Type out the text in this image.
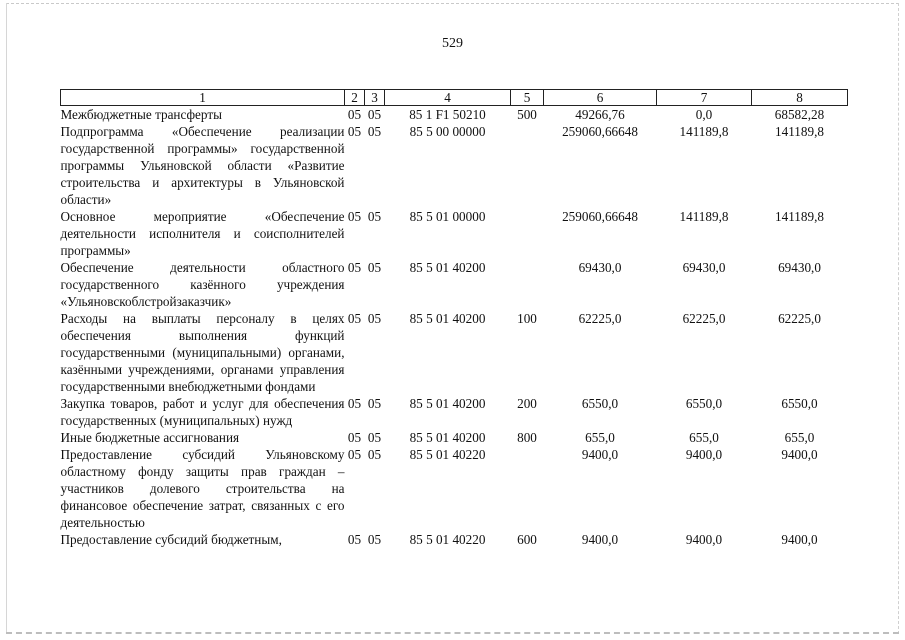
529
1	2	3	4	5	6	7	8
Межбюджетные трансферты	05	05	85 1 F1 50210	500	49266,76	0,0	68582,28
Подпрограмма «Обеспечение реализации государственной программы» государственной программы Ульяновской области «Развитие строительства и архитектуры в Ульяновской области»	05	05	85 5 00 00000		259060,66648	141189,8	141189,8
Основное мероприятие «Обеспечение деятельности исполнителя и соисполнителей программы»	05	05	85 5 01 00000		259060,66648	141189,8	141189,8
Обеспечение деятельности областного государственного казённого учреждения «Ульяновскоблстройзаказчик»	05	05	85 5 01 40200		69430,0	69430,0	69430,0
Расходы на выплаты персоналу в целях обеспечения выполнения функций государственными (муниципальными) органами, казёнными учреждениями, органами управления государственными внебюджетными фондами	05	05	85 5 01 40200	100	62225,0	62225,0	62225,0
Закупка товаров, работ и услуг для обеспечения государственных (муниципальных) нужд	05	05	85 5 01 40200	200	6550,0	6550,0	6550,0
Иные бюджетные ассигнования	05	05	85 5 01 40200	800	655,0	655,0	655,0
Предоставление субсидий Ульяновскому областному фонду защиты прав граждан – участников долевого строительства на финансовое обеспечение затрат, связанных с его деятельностью	05	05	85 5 01 40220		9400,0	9400,0	9400,0
Предоставление субсидий бюджетным,	05	05	85 5 01 40220	600	9400,0	9400,0	9400,0
